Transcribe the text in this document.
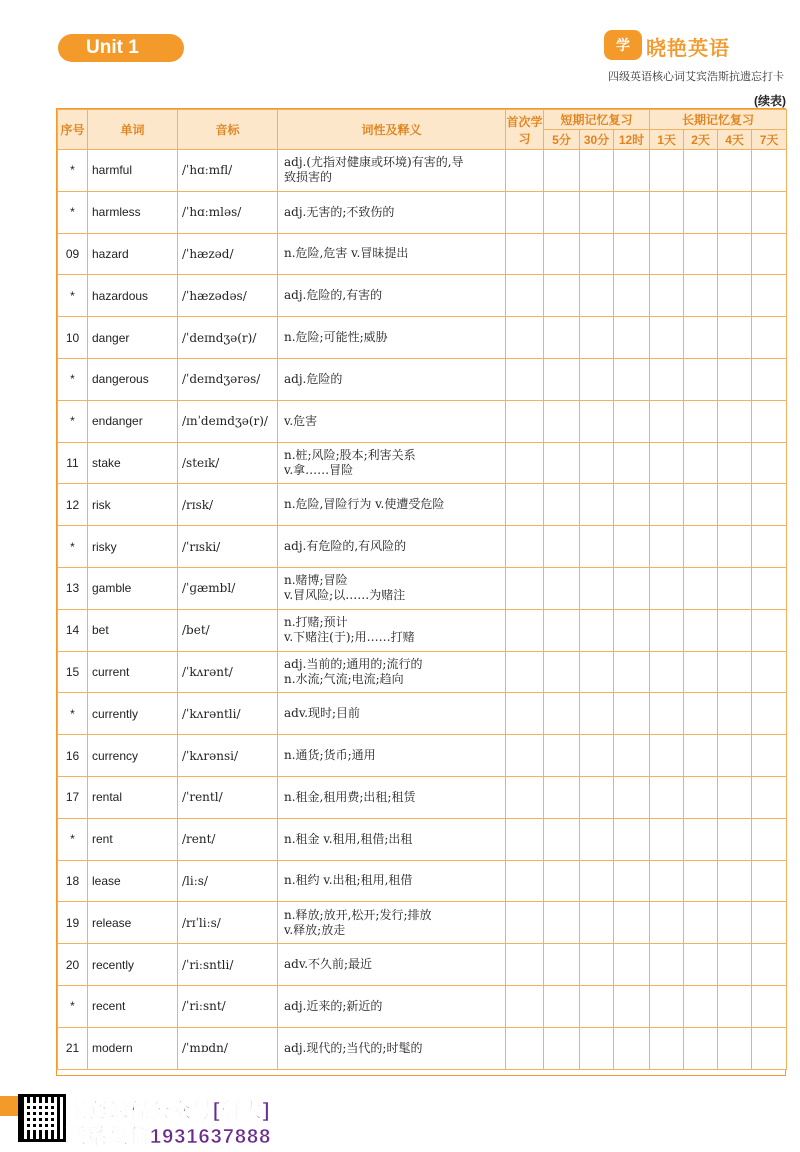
Unit 1	学 晓艳英语
四级英语核心词艾宾浩斯抗遗忘打卡
(续表)
序号	单词	音标	词性及释义	首次学习	短期记忆复习			长期记忆复习			
					5分	30分	12时	1天	2天	4天	7天
*	harmful	/ˈhɑːmfl/	adj.(尤指对健康或环境)有害的,导
致损害的								

*	harmless	/ˈhɑːmləs/	adj.无害的;不致伤的								

09	hazard	/ˈhæzəd/	n.危险,危害 v.冒昧提出								

*	hazardous	/ˈhæzədəs/	adj.危险的,有害的								

10	danger	/ˈdeɪndʒə(r)/	n.危险;可能性;威胁								

*	dangerous	/ˈdeɪndʒərəs/	adj.危险的								

*	endanger	/ɪnˈdeɪndʒə(r)/	v.危害								

11	stake	/steɪk/	n.桩;风险;股本;利害关系
v.拿……冒险								

12	risk	/rɪsk/	n.危险,冒险行为 v.使遭受危险								

*	risky	/ˈrɪski/	adj.有危险的,有风险的								

13	gamble	/ˈɡæmbl/	n.赌博;冒险
v.冒风险;以……为赌注								

14	bet	/bet/	n.打赌;预计
v.下赌注(于);用……打赌								

15	current	/ˈkʌrənt/	adj.当前的;通用的;流行的
n.水流;气流;电流;趋向								

*	currently	/ˈkʌrəntli/	adv.现时;目前								

16	currency	/ˈkʌrənsi/	n.通货;货币;通用								

17	rental	/ˈrentl/	n.租金,租用费;出租;租赁								

*	rent	/rent/	n.租金 v.租用,租借;出租								

18	lease	/liːs/	n.租约 v.出租;租用,租借								

19	release	/rɪˈliːs/	n.释放;放开,松开;发行;排放
v.释放;放走								

20	recently	/ˈriːsntli/	adv.不久前;最近								

*	recent	/ˈriːsnt/	adj.近来的;新近的								

21	modern	/ˈmɒdn/	adj.现代的;当代的;时髦的								

配套课程公众号[研大]
联系微信1931637888
